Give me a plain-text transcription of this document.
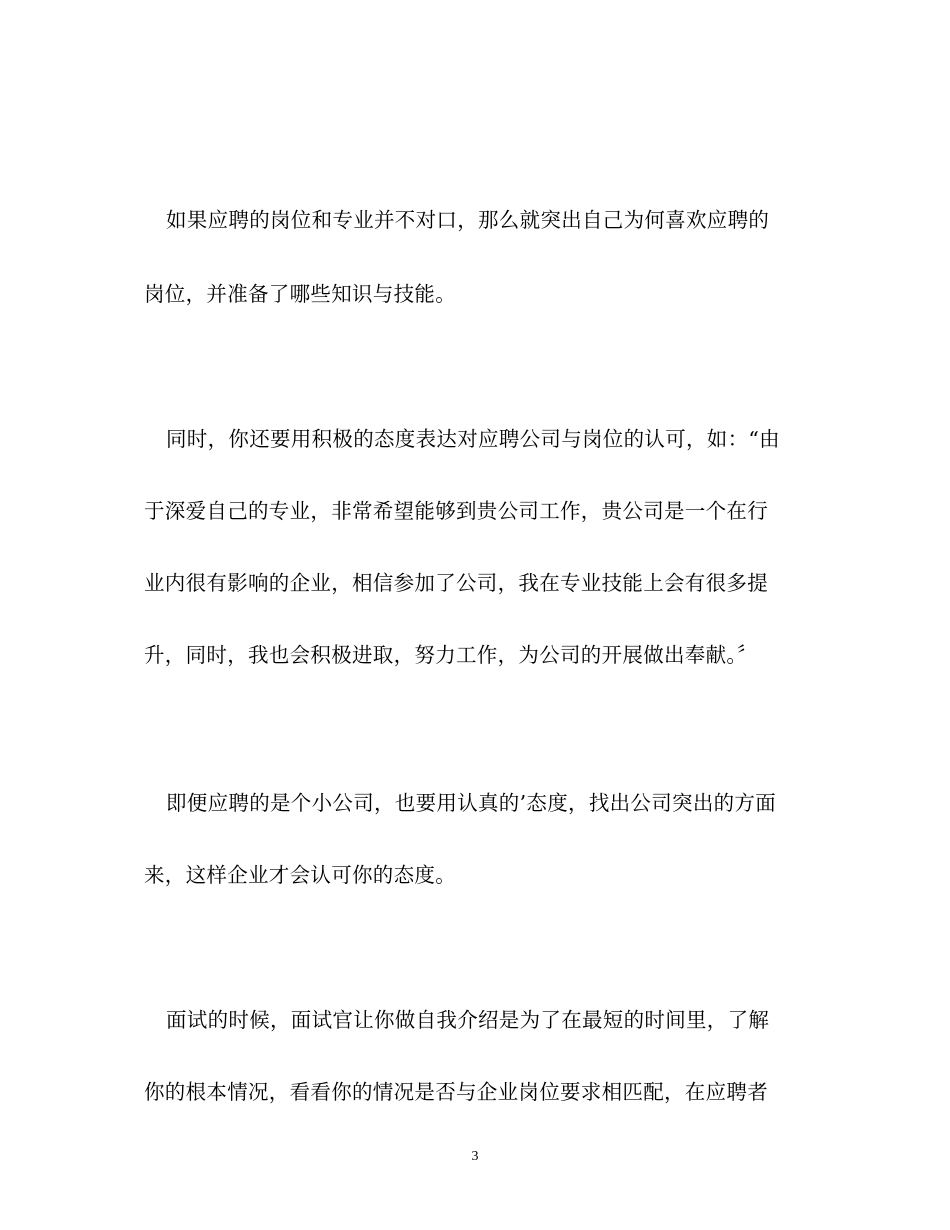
如果应聘的岗位和专业并不对口，那么就突出自己为何喜欢应聘的
岗位，并准备了哪些知识与技能。
同时，你还要用积极的态度表达对应聘公司与岗位的认可，如：“由
于深爱自己的专业，非常希望能够到贵公司工作，贵公司是一个在行
业内很有影响的企业，相信参加了公司，我在专业技能上会有很多提
升，同时，我也会积极进取，努力工作，为公司的开展做出奉献。〞
即便应聘的是个小公司，也要用认真的’态度，找出公司突出的方面
来，这样企业才会认可你的态度。
面试的时候，面试官让你做自我介绍是为了在最短的时间里，了解
你的根本情况，看看你的情况是否与企业岗位要求相匹配，在应聘者
3
